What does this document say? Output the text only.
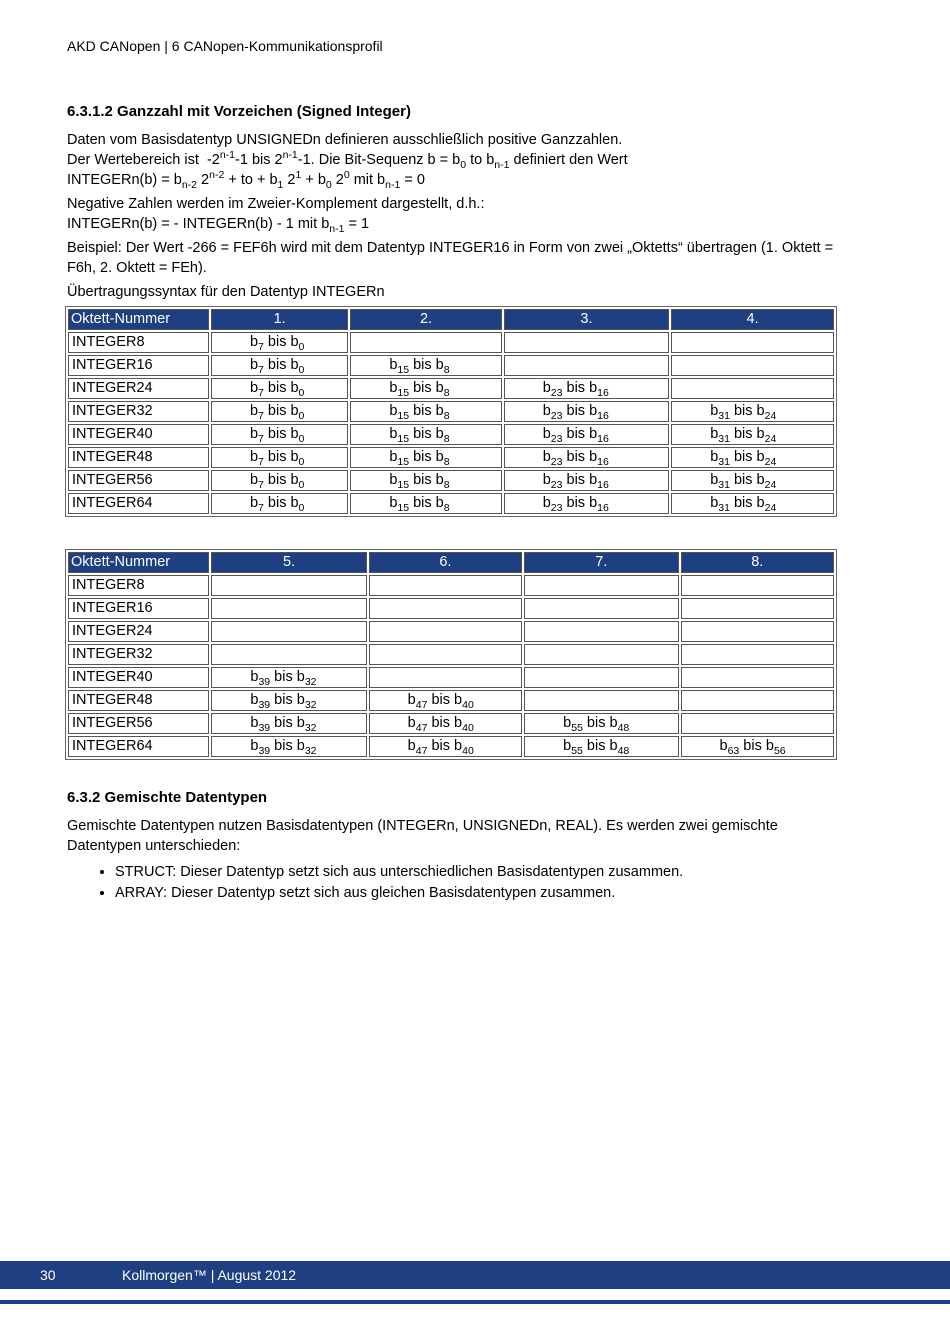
AKD CANopen | 6 CANopen-Kommunikationsprofil
6.3.1.2 Ganzzahl mit Vorzeichen (Signed Integer)

Daten vom Basisdatentyp UNSIGNEDn definieren ausschließlich positive Ganzzahlen.

Der Wertebereich ist  -2$^{n-1}$-1 bis 2$^{n-1}$-1. Die Bit-Sequenz $b = b_0$ to $b_{n-1}$ definiert den Wert

INTEGERn(b) = $b_{n-2}$ $2^{n-2}$ + to + $b_1$ $2^1 + b_0$ $2^0$ mit $b_{n-1} = 0$

Negative Zahlen werden im Zweier-Komplement dargestellt, d.h.:

INTEGERn(b) = - INTEGERn(b) - 1 mit $b_{n-1} = 1$

Beispiel: Der Wert -266 = FEF6h wird mit dem Datentyp INTEGER16 in Form von zwei „Oktetts“ übertragen (1. Oktett = F6h, 2. Oktett = FEh).

Übertragungssyntax für den Datentyp INTEGERn

Oktett-Nummer	1.	2.	3.	4.
INTEGER8	$b_7$ bis $b_0$			
INTEGER16	$b_7$ bis $b_0$	$b_{15}$ bis $b_8$		
INTEGER24	$b_7$ bis $b_0$	$b_{15}$ bis $b_8$	$b_{23}$ bis $b_{16}$	
INTEGER32	$b_7$ bis $b_0$	$b_{15}$ bis $b_8$	$b_{23}$ bis $b_{16}$	$b_{31}$ bis $b_{24}$
INTEGER40	$b_7$ bis $b_0$	$b_{15}$ bis $b_8$	$b_{23}$ bis $b_{16}$	$b_{31}$ bis $b_{24}$
INTEGER48	$b_7$ bis $b_0$	$b_{15}$ bis $b_8$	$b_{23}$ bis $b_{16}$	$b_{31}$ bis $b_{24}$
INTEGER56	$b_7$ bis $b_0$	$b_{15}$ bis $b_8$	$b_{23}$ bis $b_{16}$	$b_{31}$ bis $b_{24}$
INTEGER64	$b_7$ bis $b_0$	$b_{15}$ bis $b_8$	$b_{23}$ bis $b_{16}$	$b_{31}$ bis $b_{24}$
Oktett-Nummer	5.	6.	7.	8.
INTEGER8				
INTEGER16				
INTEGER24				
INTEGER32				
INTEGER40	$b_{39}$ bis $b_{32}$			
INTEGER48	$b_{39}$ bis $b_{32}$	$b_{47}$ bis $b_{40}$		
INTEGER56	$b_{39}$ bis $b_{32}$	$b_{47}$ bis $b_{40}$	$b_{55}$ bis $b_{48}$	
INTEGER64	$b_{39}$ bis $b_{32}$	$b_{47}$ bis $b_{40}$	$b_{55}$ bis $b_{48}$	$b_{63}$ bis $b_{56}$
6.3.2 Gemischte Datentypen

Gemischte Datentypen nutzen Basisdatentypen (INTEGERn, UNSIGNEDn, REAL). Es werden zwei gemischte Datentypen unterschieden:

• STRUCT: Dieser Datentyp setzt sich aus unterschiedlichen Basisdatentypen zusammen.
• ARRAY: Dieser Datentyp setzt sich aus gleichen Basisdatentypen zusammen.
30	Kollmorgen™ | August 2012
